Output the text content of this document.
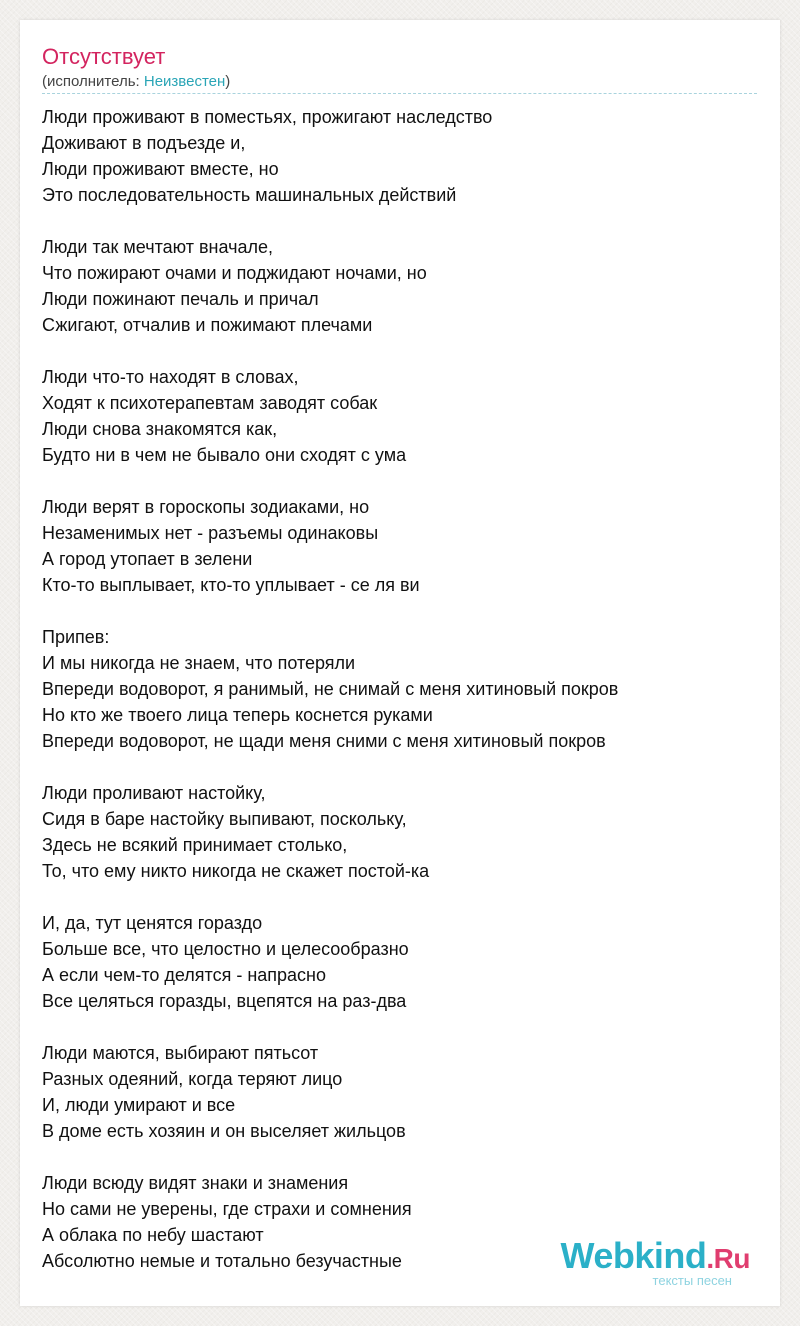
Отсутствует
(исполнитель: Неизвестен)
Люди проживают в поместьях, прожигают наследство
Доживают в подъезде и,
Люди проживают вместе, но
Это последовательность машинальных действий
Люди так мечтают вначале,
Что пожирают очами и поджидают ночами, но
Люди пожинают печаль и причал
Сжигают, отчалив и пожимают плечами
Люди что-то находят в словах,
Ходят к психотерапевтам заводят собак
Люди снова знакомятся как,
Будто ни в чем не бывало они сходят с ума
Люди верят в гороскопы зодиаками, но
Незаменимых нет - разъемы одинаковы
А город утопает в зелени
Кто-то выплывает, кто-то уплывает - се ля ви
Припев:
И мы никогда не знаем, что потеряли
Впереди водоворот, я ранимый, не снимай с меня хитиновый покров
Но кто же твоего лица теперь коснется руками
Впереди водоворот, не щади меня сними с меня хитиновый покров
Люди проливают настойку,
Сидя в баре настойку выпивают, поскольку,
Здесь не всякий принимает столько,
То, что ему никто никогда не скажет постой-ка
И, да, тут ценятся гораздо
Больше все, что целостно и целесообразно
А если чем-то делятся - напрасно
Все целяться горазды, вцепятся на раз-два
Люди маются, выбирают пятьсот
Разных одеяний, когда теряют лицо
И, люди умирают и все
В доме есть хозяин и он выселяет жильцов
Люди всюду видят знаки и знамения
Но сами не уверены, где страхи и сомнения
А облака по небу шастают
Абсолютно немые и тотально безучастные	Webkind.Ru
тексты песен
